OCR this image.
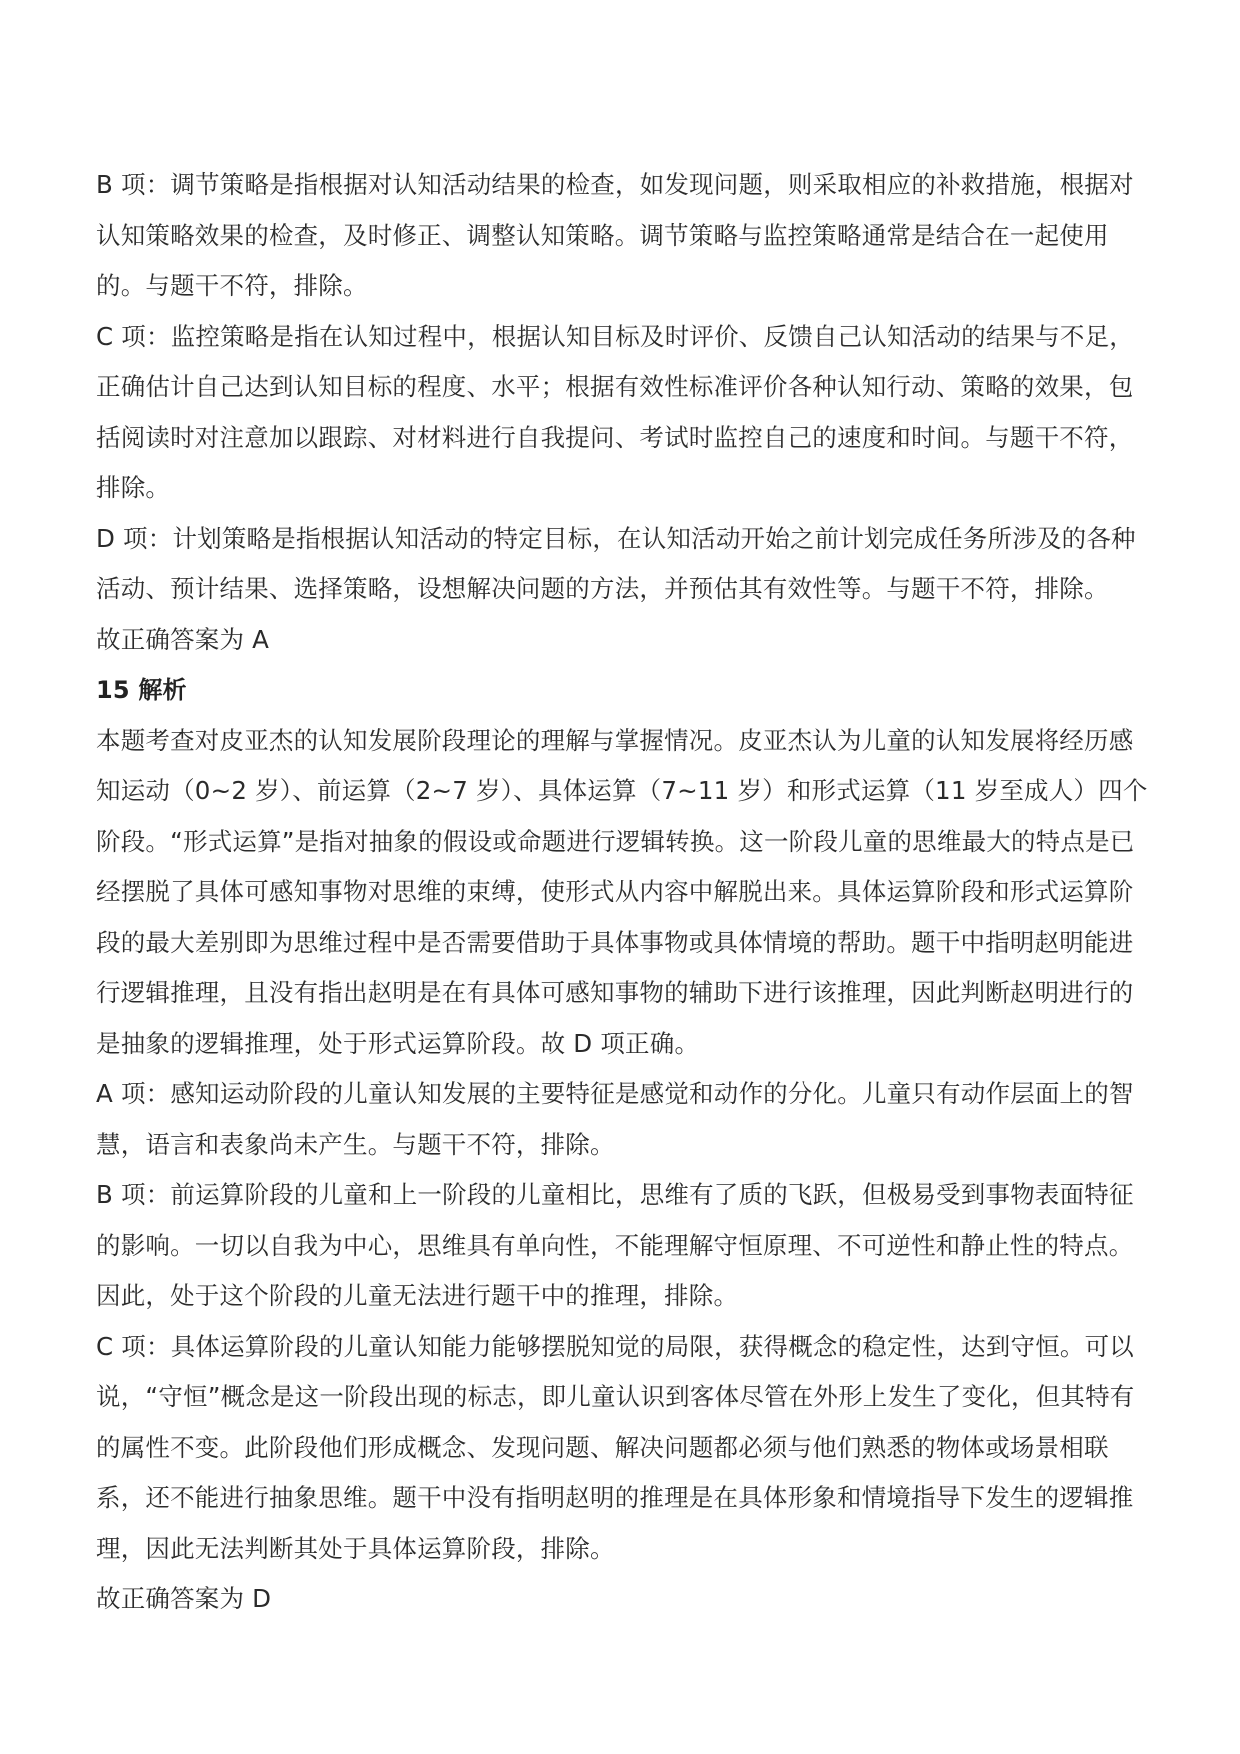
B 项：调节策略是指根据对认知活动结果的检查，如发现问题，则采取相应的补救措施，根据对认知策略效果的检查，及时修正、调整认知策略。调节策略与监控策略通常是结合在一起使用的。与题干不符，排除。

C 项：监控策略是指在认知过程中，根据认知目标及时评价、反馈自己认知活动的结果与不足，正确估计自己达到认知目标的程度、水平；根据有效性标准评价各种认知行动、策略的效果，包括阅读时对注意加以跟踪、对材料进行自我提问、考试时监控自己的速度和时间。与题干不符，排除。

D 项：计划策略是指根据认知活动的特定目标，在认知活动开始之前计划完成任务所涉及的各种活动、预计结果、选择策略，设想解决问题的方法，并预估其有效性等。与题干不符，排除。

故正确答案为 A

15 解析

本题考查对皮亚杰的认知发展阶段理论的理解与掌握情况。皮亚杰认为儿童的认知发展将经历感知运动（0~2 岁）、前运算（2~7 岁）、具体运算（7~11 岁）和形式运算（11 岁至成人）四个阶段。“形式运算”是指对抽象的假设或命题进行逻辑转换。这一阶段儿童的思维最大的特点是已经摆脱了具体可感知事物对思维的束缚，使形式从内容中解脱出来。具体运算阶段和形式运算阶段的最大差别即为思维过程中是否需要借助于具体事物或具体情境的帮助。题干中指明赵明能进行逻辑推理，且没有指出赵明是在有具体可感知事物的辅助下进行该推理，因此判断赵明进行的是抽象的逻辑推理，处于形式运算阶段。故 D 项正确。

A 项：感知运动阶段的儿童认知发展的主要特征是感觉和动作的分化。儿童只有动作层面上的智慧，语言和表象尚未产生。与题干不符，排除。

B 项：前运算阶段的儿童和上一阶段的儿童相比，思维有了质的飞跃，但极易受到事物表面特征的影响。一切以自我为中心，思维具有单向性，不能理解守恒原理、不可逆性和静止性的特点。因此，处于这个阶段的儿童无法进行题干中的推理，排除。

C 项：具体运算阶段的儿童认知能力能够摆脱知觉的局限，获得概念的稳定性，达到守恒。可以说，“守恒”概念是这一阶段出现的标志，即儿童认识到客体尽管在外形上发生了变化，但其特有的属性不变。此阶段他们形成概念、发现问题、解决问题都必须与他们熟悉的物体或场景相联系，还不能进行抽象思维。题干中没有指明赵明的推理是在具体形象和情境指导下发生的逻辑推理，因此无法判断其处于具体运算阶段，排除。

故正确答案为 D
